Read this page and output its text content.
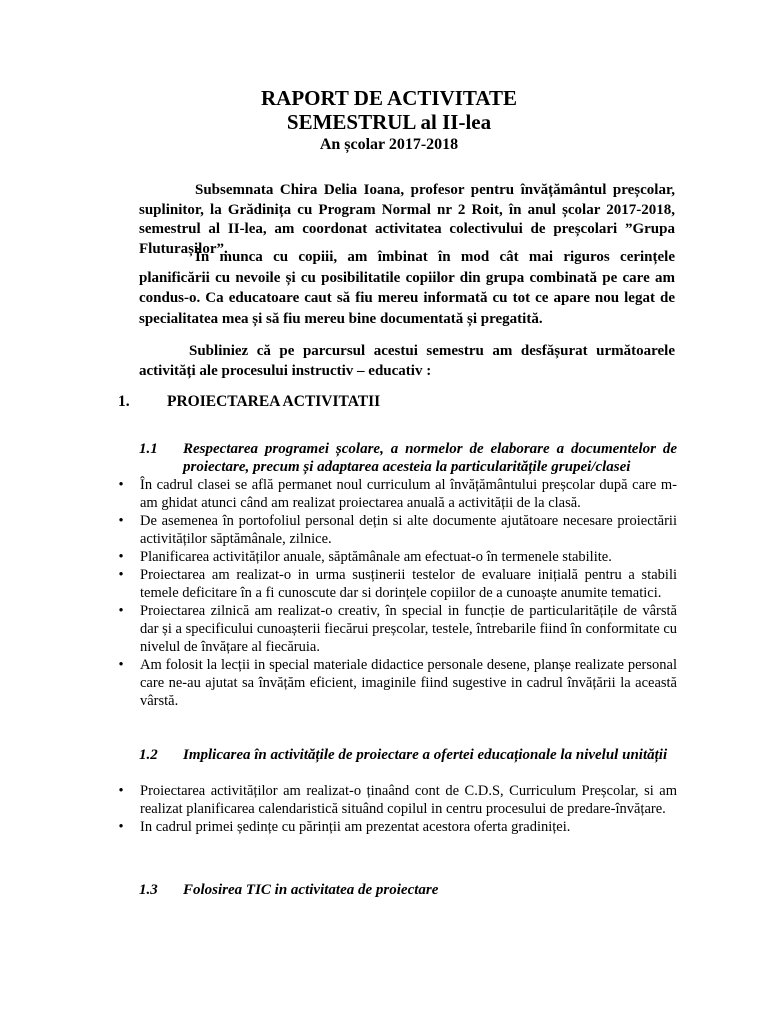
RAPORT DE ACTIVITATE
SEMESTRUL al II-lea
An școlar 2017-2018
Subsemnata Chira Delia Ioana, profesor pentru învățământul preșcolar, suplinitor, la Grădinița cu Program Normal nr 2 Roit, în anul școlar 2017-2018, semestrul al II-lea, am coordonat activitatea colectivului de preșcolari ”Grupa Fluturașilor”.
În munca cu copiii, am îmbinat în mod cât mai riguros cerințele planificării cu nevoile și cu posibilitatile copiilor din grupa combinată pe care am condus-o. Ca educatoare caut să fiu mereu informată cu tot ce apare nou legat de specialitatea mea și să fiu mereu bine documentată și pregatită.
Subliniez că pe parcursul acestui semestru am desfășurat următoarele activități ale procesului instructiv – educativ :
1. PROIECTAREA ACTIVITATII
1.1	Respectarea programei școlare, a normelor de elaborare a documentelor de proiectare, precum și adaptarea acesteia la particularitățile grupei/clasei
• În cadrul clasei se află permanet noul curriculum al învățământului preșcolar după care m-am ghidat atunci când am realizat proiectarea anuală a activității de la clasă.
• De asemenea în portofoliul personal dețin si alte documente ajutătoare necesare proiectării activităților săptămânale, zilnice.
• Planificarea activităților anuale, săptămânale am efectuat-o în termenele stabilite.
• Proiectarea am realizat-o in urma susținerii testelor de evaluare inițială pentru a stabili temele deficitare în a fi cunoscute dar si dorințele copiilor de a cunoaște anumite tematici.
• Proiectarea zilnică am realizat-o creativ, în special in funcție de particularitățile de vârstă dar și a specificului cunoașterii fiecărui preșcolar, testele, întrebarile fiind în conformitate cu nivelul de învățare al fiecăruia.
• Am folosit la lecții in special materiale didactice personale desene, planșe realizate personal care ne-au ajutat sa învățăm eficient, imaginile fiind sugestive in cadrul învățării la această vârstă.
1.2	Implicarea în activitățile de proiectare a ofertei educaționale la nivelul unității
• Proiectarea activităților am realizat-o ținaând cont de C.D.S, Curriculum Preșcolar, si am realizat planificarea calendaristică situând copilul in centru procesului de predare-învățare.
• In cadrul primei ședințe cu părinții am prezentat acestora oferta gradiniței.
1.3	Folosirea TIC in activitatea de proiectare
